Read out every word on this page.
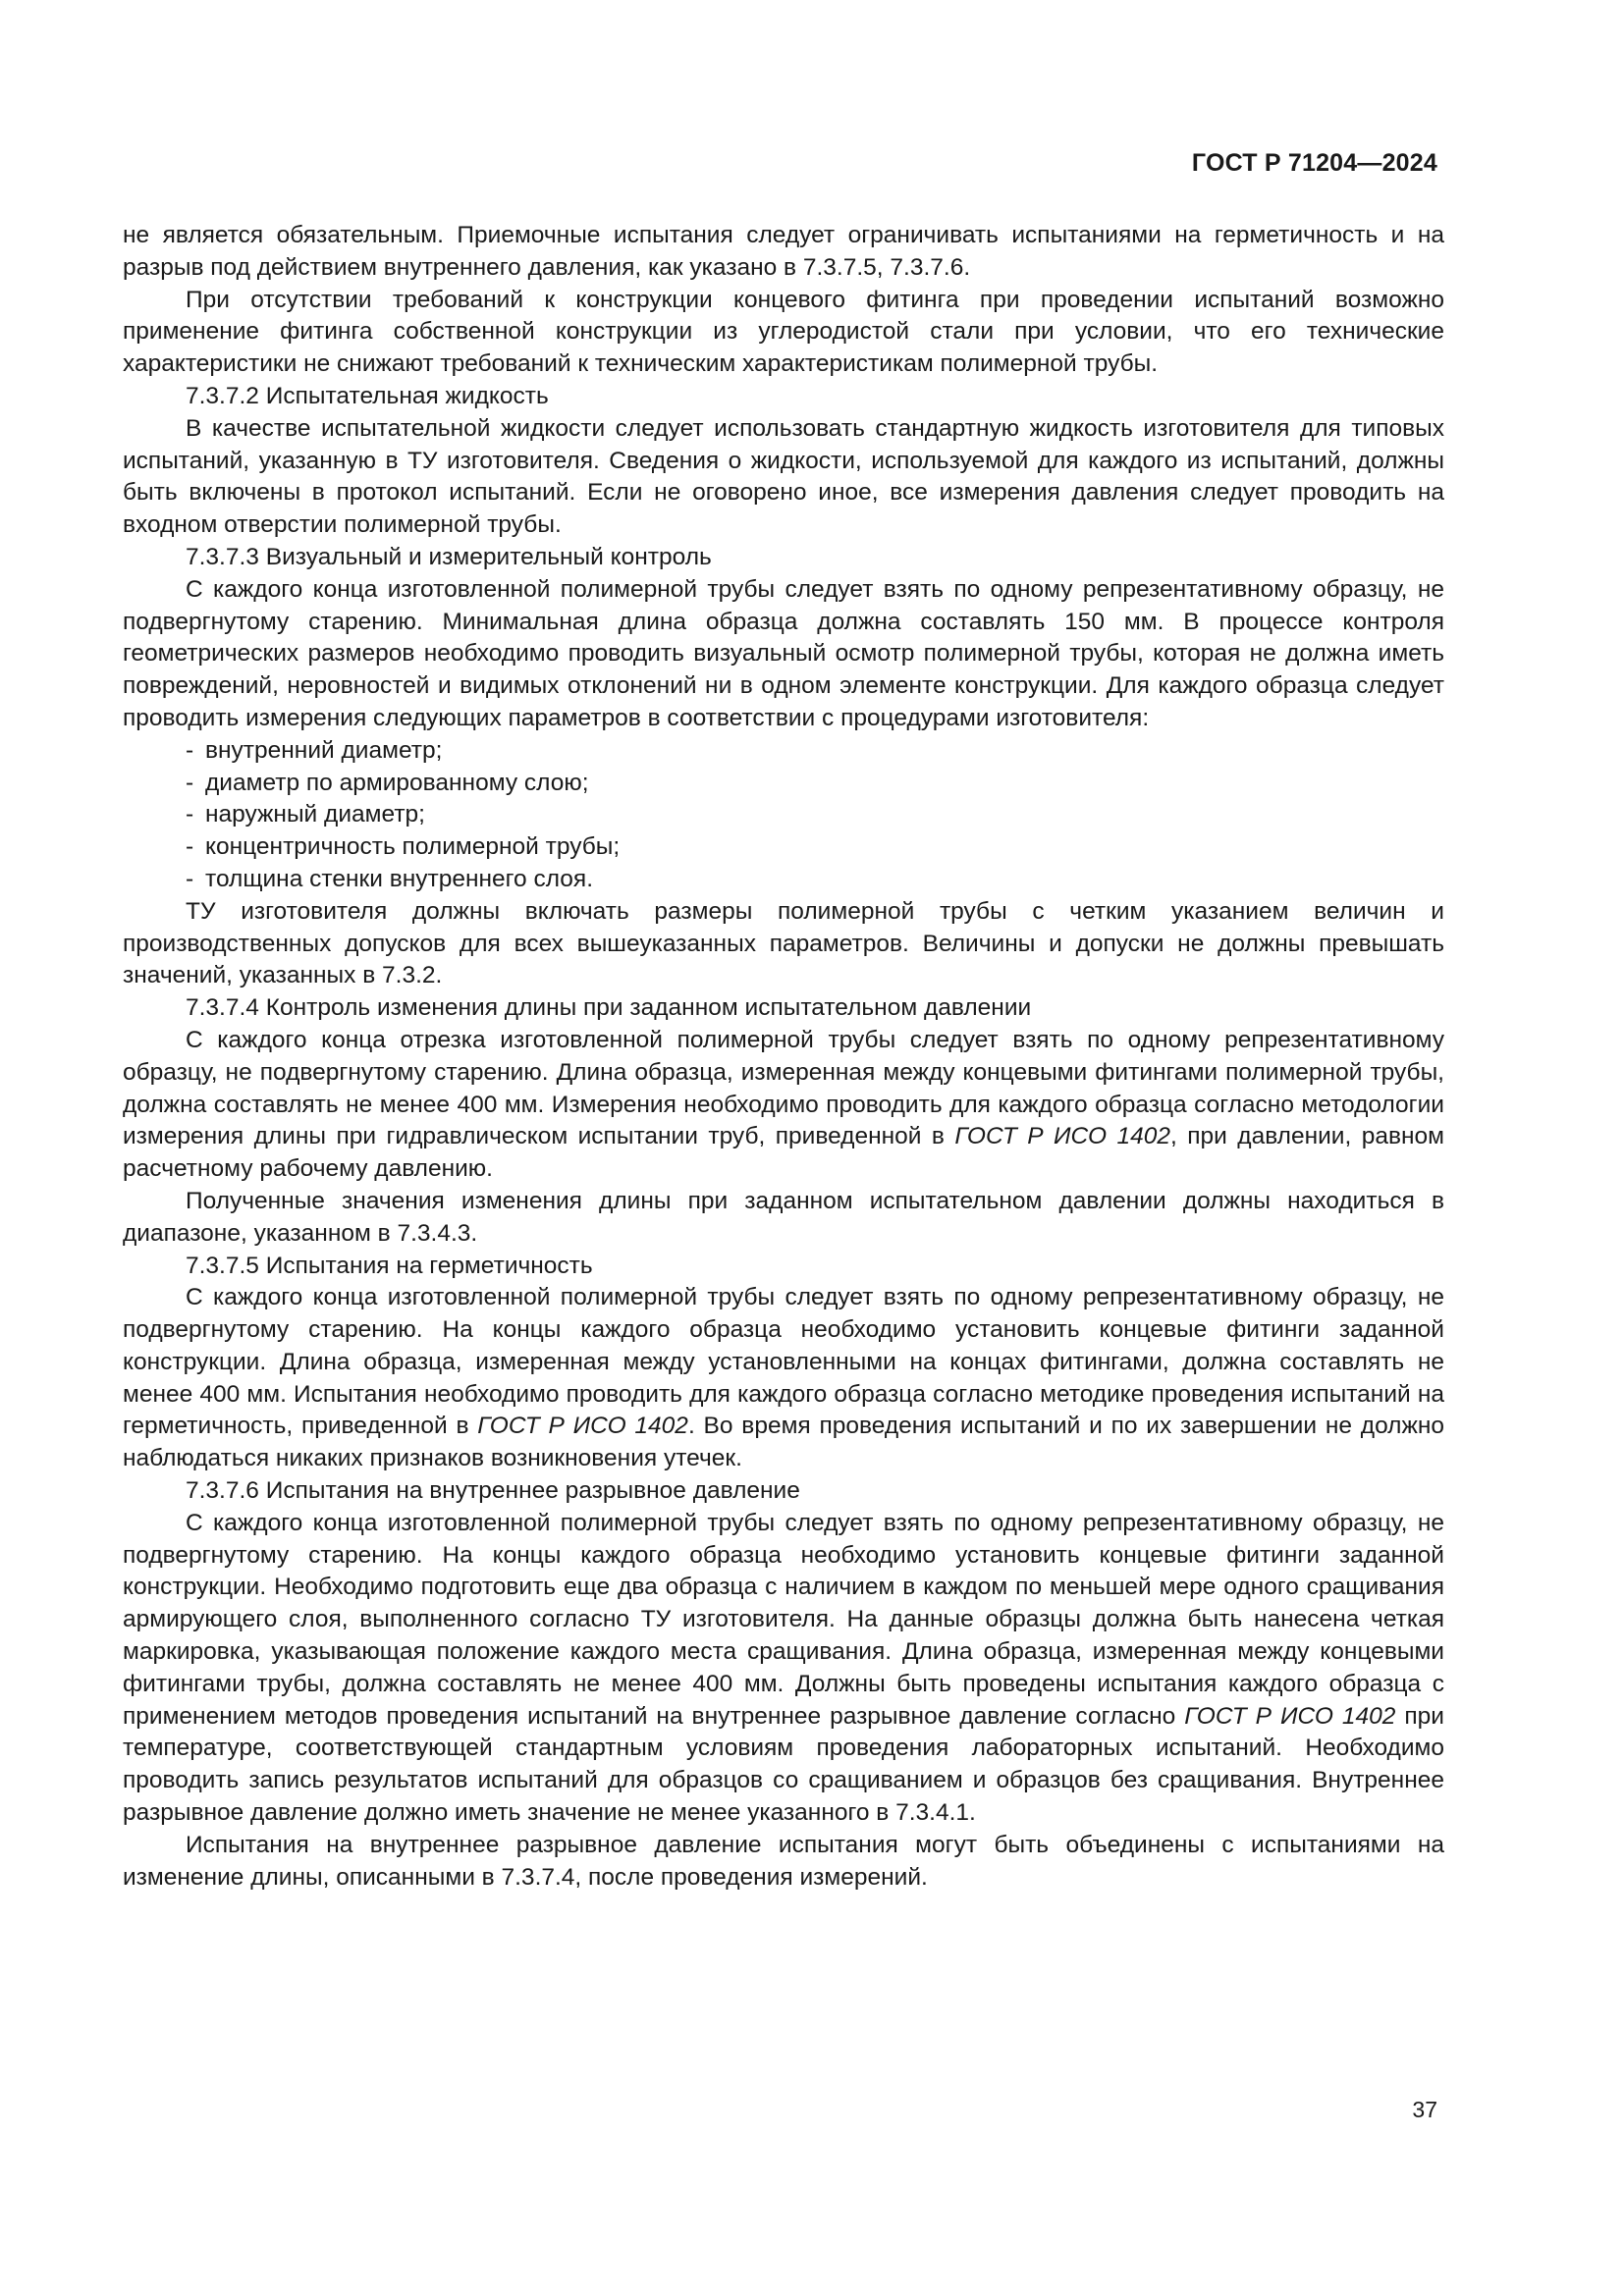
ГОСТ Р 71204—2024

не является обязательным. Приемочные испытания следует ограничивать испытаниями на герметичность и на разрыв под действием внутреннего давления, как указано в 7.3.7.5, 7.3.7.6.

При отсутствии требований к конструкции концевого фитинга при проведении испытаний возможно применение фитинга собственной конструкции из углеродистой стали при условии, что его технические характеристики не снижают требований к техническим характеристикам полимерной трубы.

7.3.7.2 Испытательная жидкость

В качестве испытательной жидкости следует использовать стандартную жидкость изготовителя для типовых испытаний, указанную в ТУ изготовителя. Сведения о жидкости, используемой для каждого из испытаний, должны быть включены в протокол испытаний. Если не оговорено иное, все измерения давления следует проводить на входном отверстии полимерной трубы.

7.3.7.3 Визуальный и измерительный контроль

С каждого конца изготовленной полимерной трубы следует взять по одному репрезентативному образцу, не подвергнутому старению. Минимальная длина образца должна составлять 150 мм. В процессе контроля геометрических размеров необходимо проводить визуальный осмотр полимерной трубы, которая не должна иметь повреждений, неровностей и видимых отклонений ни в одном элементе конструкции. Для каждого образца следует проводить измерения следующих параметров в соответствии с процедурами изготовителя:

- внутренний диаметр;
- диаметр по армированному слою;
- наружный диаметр;
- концентричность полимерной трубы;
- толщина стенки внутреннего слоя.

ТУ изготовителя должны включать размеры полимерной трубы с четким указанием величин и производственных допусков для всех вышеуказанных параметров. Величины и допуски не должны превышать значений, указанных в 7.3.2.

7.3.7.4 Контроль изменения длины при заданном испытательном давлении

С каждого конца отрезка изготовленной полимерной трубы следует взять по одному репрезентативному образцу, не подвергнутому старению. Длина образца, измеренная между концевыми фитингами полимерной трубы, должна составлять не менее 400 мм. Измерения необходимо проводить для каждого образца согласно методологии измерения длины при гидравлическом испытании труб, приведенной в ГОСТ Р ИСО 1402, при давлении, равном расчетному рабочему давлению.

Полученные значения изменения длины при заданном испытательном давлении должны находиться в диапазоне, указанном в 7.3.4.3.

7.3.7.5 Испытания на герметичность

С каждого конца изготовленной полимерной трубы следует взять по одному репрезентативному образцу, не подвергнутому старению. На концы каждого образца необходимо установить концевые фитинги заданной конструкции. Длина образца, измеренная между установленными на концах фитингами, должна составлять не менее 400 мм. Испытания необходимо проводить для каждого образца согласно методике проведения испытаний на герметичность, приведенной в ГОСТ Р ИСО 1402. Во время проведения испытаний и по их завершении не должно наблюдаться никаких признаков возникновения утечек.

7.3.7.6 Испытания на внутреннее разрывное давление

С каждого конца изготовленной полимерной трубы следует взять по одному репрезентативному образцу, не подвергнутому старению. На концы каждого образца необходимо установить концевые фитинги заданной конструкции. Необходимо подготовить еще два образца с наличием в каждом по меньшей мере одного сращивания армирующего слоя, выполненного согласно ТУ изготовителя. На данные образцы должна быть нанесена четкая маркировка, указывающая положение каждого места сращивания. Длина образца, измеренная между концевыми фитингами трубы, должна составлять не менее 400 мм. Должны быть проведены испытания каждого образца с применением методов проведения испытаний на внутреннее разрывное давление согласно ГОСТ Р ИСО 1402 при температуре, соответствующей стандартным условиям проведения лабораторных испытаний. Необходимо проводить запись результатов испытаний для образцов со сращиванием и образцов без сращивания. Внутреннее разрывное давление должно иметь значение не менее указанного в 7.3.4.1.

Испытания на внутреннее разрывное давление испытания могут быть объединены с испытаниями на изменение длины, описанными в 7.3.7.4, после проведения измерений.

37
